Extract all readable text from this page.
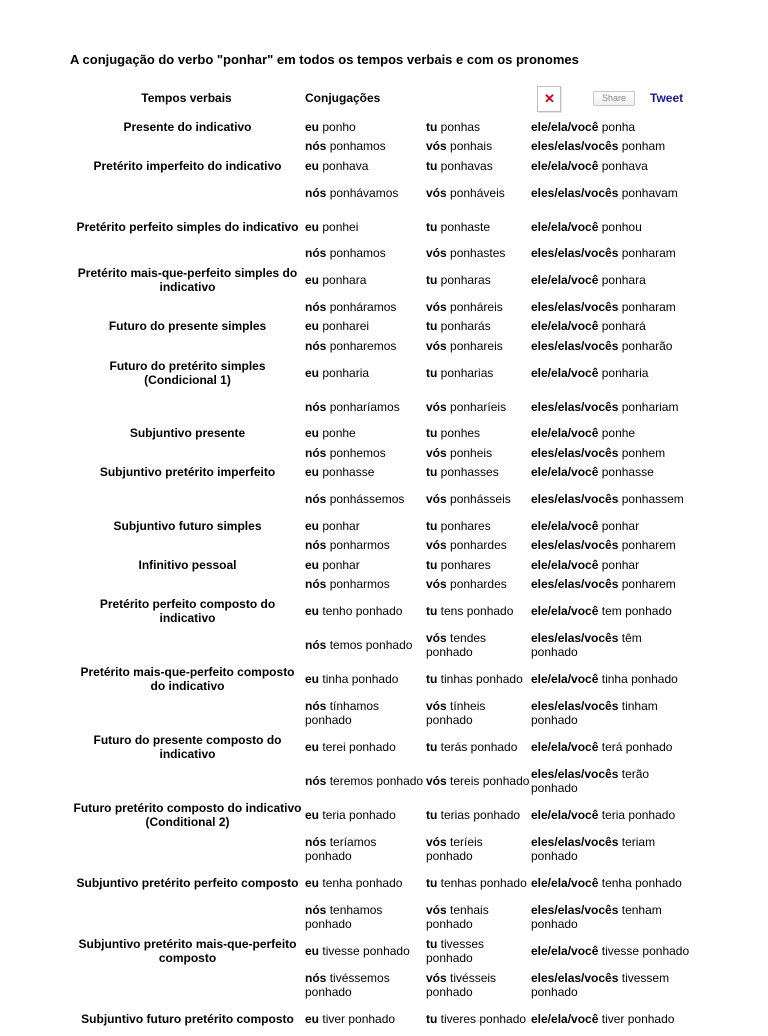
A conjugação do verbo "ponhar" em todos os tempos verbais e com os pronomes
Tempos verbais	Conjugações	✕	Share	Tweet
Presente do indicativo	eu ponho	tu ponhas	ele/ela/você ponha
	nós ponhamos	vós ponhais	eles/elas/vocês ponham
Pretérito imperfeito do indicativo	eu ponhava	tu ponhavas	ele/ela/você ponhava
	nós ponhávamos	vós ponháveis	eles/elas/vocês ponhavam
Pretérito perfeito simples do indicativo	eu ponhei	tu ponhaste	ele/ela/você ponhou
	nós ponhamos	vós ponhastes	eles/elas/vocês ponharam
Pretérito mais-que-perfeito simples do indicativo	eu ponhara	tu ponharas	ele/ela/você ponhara
	nós ponháramos	vós ponháreis	eles/elas/vocês ponharam
Futuro do presente simples	eu ponharei	tu ponharás	ele/ela/você ponhará
	nós ponharemos	vós ponhareis	eles/elas/vocês ponharão
Futuro do pretérito simples (Condicional 1)	eu ponharia	tu ponharias	ele/ela/você ponharia
	nós ponharíamos	vós ponharíeis	eles/elas/vocês ponhariam
Subjuntivo presente	eu ponhe	tu ponhes	ele/ela/você ponhe
	nós ponhemos	vós ponheis	eles/elas/vocês ponhem
Subjuntivo pretérito imperfeito	eu ponhasse	tu ponhasses	ele/ela/você ponhasse
	nós ponhássemos	vós ponhásseis	eles/elas/vocês ponhassem
Subjuntivo futuro simples	eu ponhar	tu ponhares	ele/ela/você ponhar
	nós ponharmos	vós ponhardes	eles/elas/vocês ponharem
Infinitivo pessoal	eu ponhar	tu ponhares	ele/ela/você ponhar
	nós ponharmos	vós ponhardes	eles/elas/vocês ponharem
Pretérito perfeito composto do indicativo	eu tenho ponhado	tu tens ponhado	ele/ela/você tem ponhado
	nós temos ponhado	vós tendes ponhado	eles/elas/vocês têm ponhado
Pretérito mais-que-perfeito composto do indicativo	eu tinha ponhado	tu tinhas ponhado	ele/ela/você tinha ponhado
	nós tínhamos ponhado	vós tínheis ponhado	eles/elas/vocês tinham ponhado
Futuro do presente composto do indicativo	eu terei ponhado	tu terás ponhado	ele/ela/você terá ponhado
	nós teremos ponhado	vós tereis ponhado	eles/elas/vocês terão ponhado
Futuro pretérito composto do indicativo (Conditional 2)	eu teria ponhado	tu terias ponhado	ele/ela/você teria ponhado
	nós teríamos ponhado	vós teríeis ponhado	eles/elas/vocês teriam ponhado
Subjuntivo pretérito perfeito composto	eu tenha ponhado	tu tenhas ponhado	ele/ela/você tenha ponhado
	nós tenhamos ponhado	vós tenhais ponhado	eles/elas/vocês tenham ponhado
Subjuntivo pretérito mais-que-perfeito composto	eu tivesse ponhado	tu tivesses ponhado	ele/ela/você tivesse ponhado
	nós tivéssemos ponhado	vós tivésseis ponhado	eles/elas/vocês tivessem ponhado
Subjuntivo futuro pretérito composto	eu tiver ponhado	tu tiveres ponhado	ele/ela/você tiver ponhado
